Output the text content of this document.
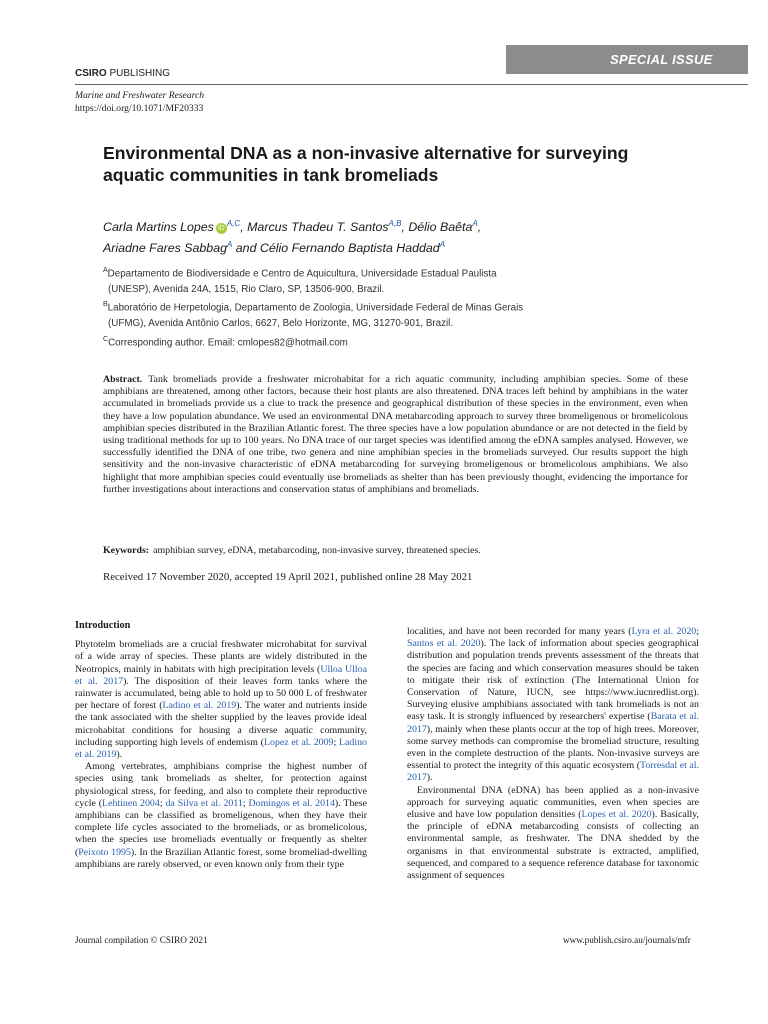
SPECIAL ISSUE
CSIRO PUBLISHING
Marine and Freshwater Research
https://doi.org/10.1071/MF20333
Environmental DNA as a non-invasive alternative for surveying aquatic communities in tank bromeliads
Carla Martins Lopes $iD^{A,C}$, Marcus Thadeu T. Santos$^{A,B}$, Délio Baêta$^A$,
Ariadne Fares Sabbag$^A$ and Célio Fernando Baptista Haddad$^A$
$^A$Departamento de Biodiversidade e Centro de Aquicultura, Universidade Estadual Paulista
(UNESP), Avenida 24A, 1515, Rio Claro, SP, 13506-900, Brazil.
$^B$Laboratório de Herpetologia, Departamento de Zoologia, Universidade Federal de Minas Gerais
(UFMG), Avenida Antônio Carlos, 6627, Belo Horizonte, MG, 31270-901, Brazil.
$^C$Corresponding author. Email: cmlopes82@hotmail.com

Abstract. Tank bromeliads provide a freshwater microhabitat for a rich aquatic community, including amphibian species. Some of these amphibians are threatened, among other factors, because their host plants are also threatened. DNA traces left behind by amphibians in the water accumulated in bromeliads provide us a clue to track the presence and geographical distribution of these species in the environment, even when they have a low population abundance. We used an environmental DNA metabarcoding approach to survey three bromeligenous or bromelicolous amphibian species distributed in the Brazilian Atlantic forest. The three species have a low population abundance or are not detected in the field by using traditional methods for up to 100 years. No DNA trace of our target species was identified among the eDNA samples analysed. However, we successfully identified the DNA of one tribe, two genera and nine amphibian species in the bromeliads surveyed. Our results support the high sensitivity and the non-invasive characteristic of eDNA metabarcoding for surveying bromeligenous or bromelicolous amphibians. We also highlight that more amphibian species could eventually use bromeliads as shelter than has been previously thought, evidencing the importance for further investigations about interactions and conservation status of amphibians and bromeliads.

Keywords: amphibian survey, eDNA, metabarcoding, non-invasive survey, threatened species.
Received 17 November 2020, accepted 19 April 2021, published online 28 May 2021
Introduction

Phytotelm bromeliads are a crucial freshwater microhabitat for survival of a wide array of species. These plants are widely distributed in the Neotropics, mainly in habitats with high precipitation levels (Ulloa Ulloa et al. 2017). The disposition of their leaves form tanks where the rainwater is accumulated, being able to hold up to 50 000 L of freshwater per hectare of forest (Ladino et al. 2019). The water and nutrients inside the tank associated with the shelter supplied by the leaves provide ideal microhabitat conditions for housing a diverse aquatic community, including supporting high levels of endemism (Lopez et al. 2009; Ladino et al. 2019).

Among vertebrates, amphibians comprise the highest number of species using tank bromeliads as shelter, for protection against physiological stress, for feeding, and also to complete their reproductive cycle (Lehtinen 2004; da Silva et al. 2011; Domingos et al. 2014). These amphibians can be classified as bromeligenous, when they have their complete life cycles associated to the bromeliads, or as bromelicolous, when the species use bromeliads eventually or frequently as shelter (Peixoto 1995). In the Brazilian Atlantic forest, some bromeliad-dwelling amphibians are rarely observed, or even known only from their type

localities, and have not been recorded for many years (Lyra et al. 2020; Santos et al. 2020). The lack of information about species geographical distribution and population trends prevents assessment of the threats that the species are facing and which conservation measures should be taken to mitigate their risk of extinction (The International Union for Conservation of Nature, IUCN, see https://www.iucnredlist.org). Surveying elusive amphibians associated with tank bromeliads is not an easy task. It is strongly influenced by researchers' expertise (Barata et al. 2017), mainly when these plants occur at the top of high trees. Moreover, some survey methods can compromise the bromeliad structure, resulting even in the complete destruction of the plants. Non-invasive surveys are essential to protect the integrity of this aquatic ecosystem (Torresdal et al. 2017).

Environmental DNA (eDNA) has been applied as a non-invasive approach for surveying aquatic communities, even when species are elusive and have low population densities (Lopes et al. 2020). Basically, the principle of eDNA metabarcoding consists of collecting an environmental sample, as freshwater. The DNA shedded by the organisms in that environmental substrate is extracted, amplified, sequenced, and compared to a sequence reference database for taxonomic assignment of sequences

Journal compilation © CSIRO 2021	www.publish.csiro.au/journals/mfr
